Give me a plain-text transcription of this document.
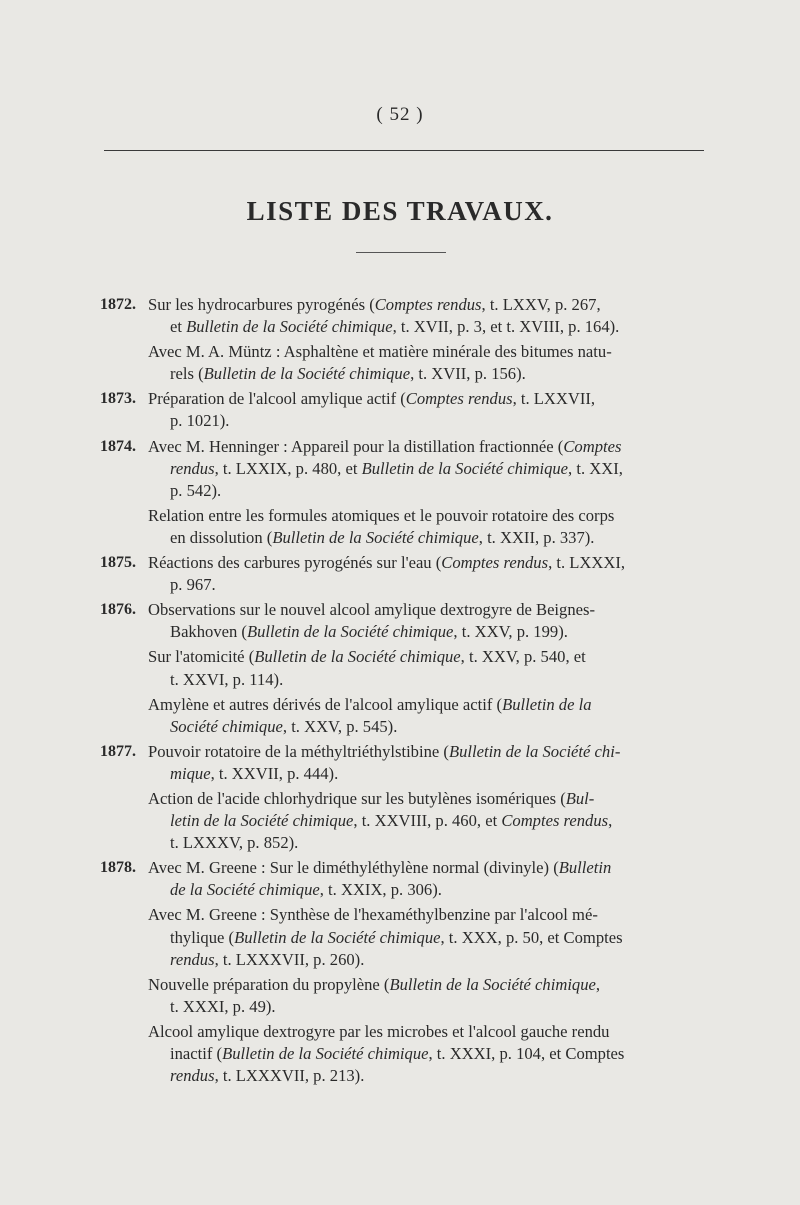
( 52 )
LISTE DES TRAVAUX.
1872. Sur les hydrocarbures pyrogénés (Comptes rendus, t. LXXV, p. 267,
et Bulletin de la Société chimique, t. XVII, p. 3, et t. XVIII, p. 164).
Avec M. A. Müntz : Asphaltène et matière minérale des bitumes natu-
rels (Bulletin de la Société chimique, t. XVII, p. 156).
1873. Préparation de l'alcool amylique actif (Comptes rendus, t. LXXVII,
p. 1021).
1874. Avec M. Henninger : Appareil pour la distillation fractionnée (Comptes
rendus, t. LXXIX, p. 480, et Bulletin de la Société chimique, t. XXI,
p. 542).
Relation entre les formules atomiques et le pouvoir rotatoire des corps
en dissolution (Bulletin de la Société chimique, t. XXII, p. 337).
1875. Réactions des carbures pyrogénés sur l'eau (Comptes rendus, t. LXXXI,
p. 967.
1876. Observations sur le nouvel alcool amylique dextrogyre de Beignes-
Bakhoven (Bulletin de la Société chimique, t. XXV, p. 199).
Sur l'atomicité (Bulletin de la Société chimique, t. XXV, p. 540, et
t. XXVI, p. 114).
Amylène et autres dérivés de l'alcool amylique actif (Bulletin de la
Société chimique, t. XXV, p. 545).
1877. Pouvoir rotatoire de la méthyltriéthylstibine (Bulletin de la Société chi-
mique, t. XXVII, p. 444).
Action de l'acide chlorhydrique sur les butylènes isomériques (Bul-
letin de la Société chimique, t. XXVIII, p. 460, et Comptes rendus,
t. LXXXV, p. 852).
1878. Avec M. Greene : Sur le diméthyléthylène normal (divinyle) (Bulletin
de la Société chimique, t. XXIX, p. 306).
Avec M. Greene : Synthèse de l'hexaméthylbenzine par l'alcool mé-
thylique (Bulletin de la Société chimique, t. XXX, p. 50, et Comptes
rendus, t. LXXXVII, p. 260).
Nouvelle préparation du propylène (Bulletin de la Société chimique,
t. XXXI, p. 49).
Alcool amylique dextrogyre par les microbes et l'alcool gauche rendu
inactif (Bulletin de la Société chimique, t. XXXI, p. 104, et Comptes
rendus, t. LXXXVII, p. 213).
